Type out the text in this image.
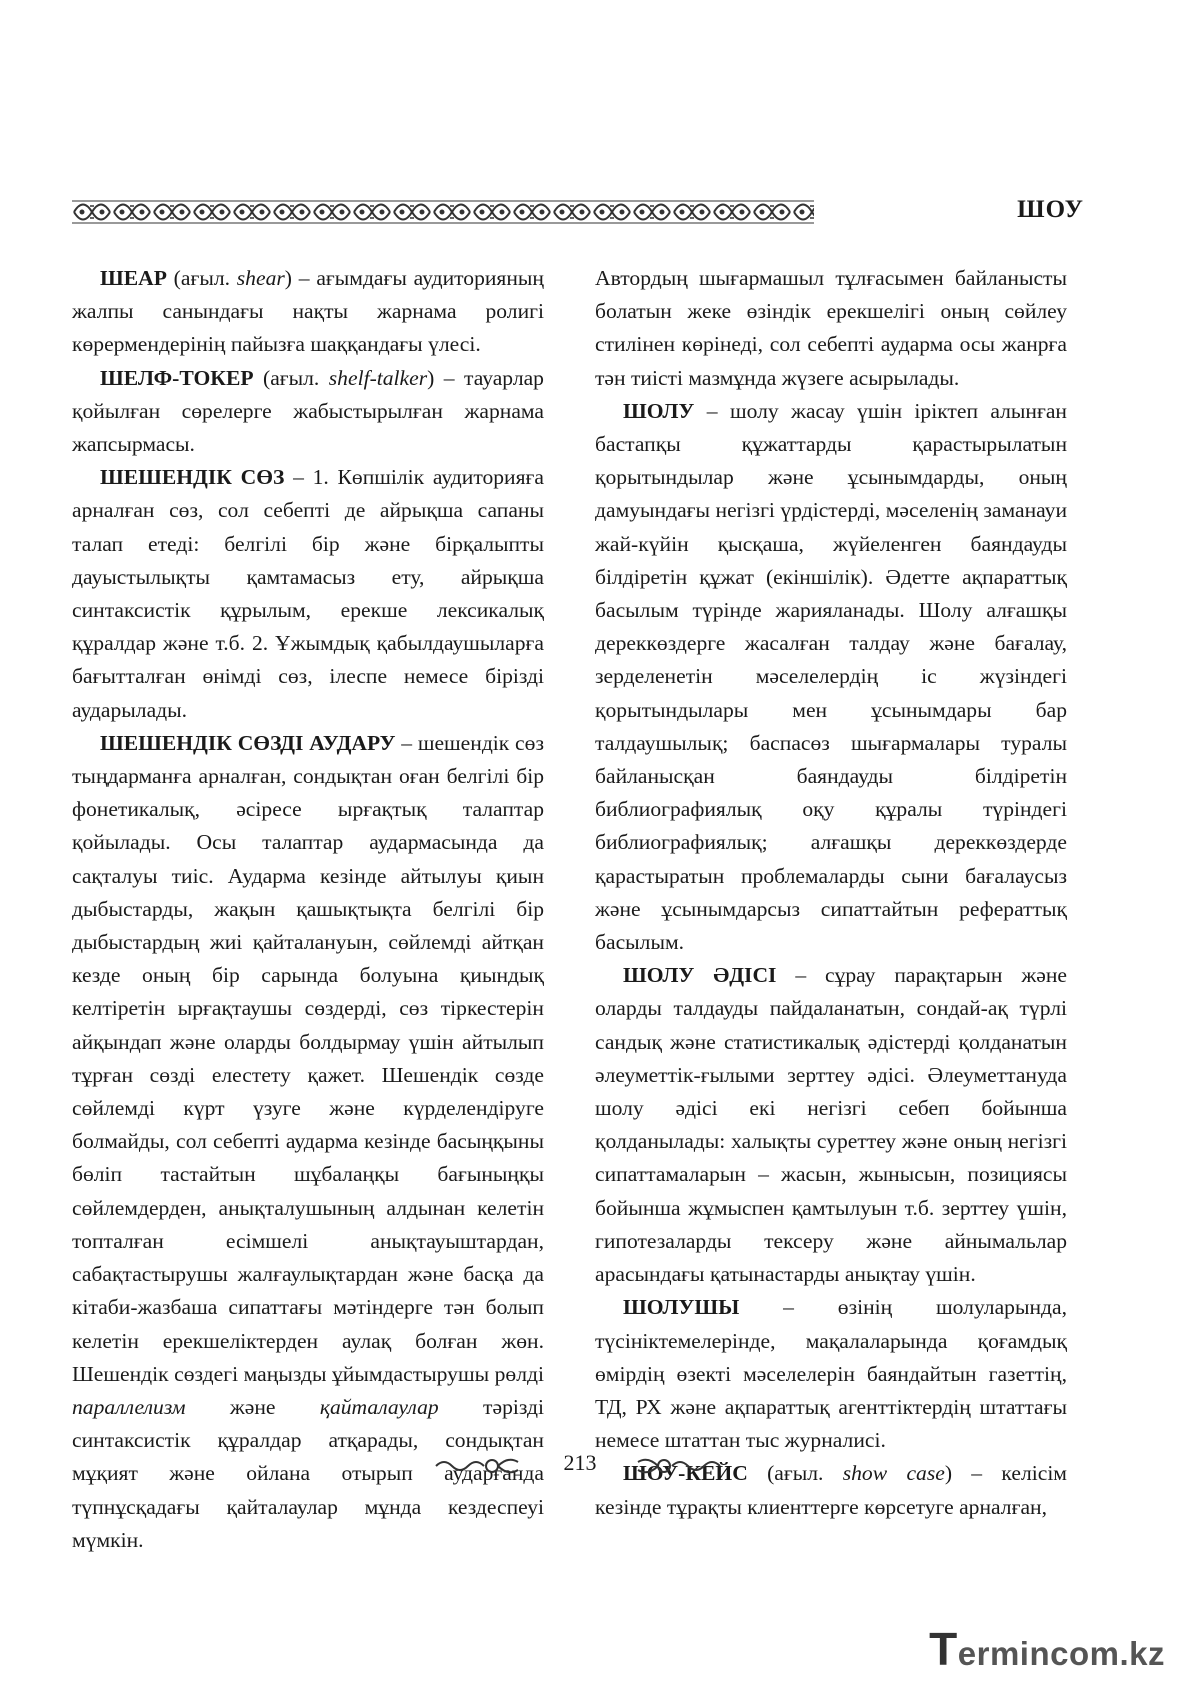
ШОУ

ШЕАР (ағыл. shear) – ағымдағы аудиторияның жалпы санындағы нақты жарнама ролигі көрермендерінің пайызға шаққандағы үлесі.

ШЕЛФ-ТОКЕР (ағыл. shelf-talker) – тауарлар қойылған сөрелерге жабыстырылған жарнама жапсырмасы.

ШЕШЕНДІК СӨЗ – 1. Көпшілік аудиторияға арналған сөз, сол себепті де айрықша сапаны талап етеді: белгілі бір және бірқалыпты дауыстылықты қамтамасыз ету, айрықша синтаксистік құрылым, ерекше лексикалық құралдар және т.б. 2. Ұжымдық қабылдаушыларға бағытталған өнімді сөз, ілеспе немесе бірізді аударылады.

ШЕШЕНДІК СӨЗДІ АУДАРУ – шешендік сөз тыңдарманға арналған, сондықтан оған белгілі бір фонетикалық, әсіресе ырғақтық талаптар қойылады. Осы талаптар аудармасында да сақталуы тиіс. Аударма кезінде айтылуы қиын дыбыстарды, жақын қашықтықта белгілі бір дыбыстардың жиі қайталануын, сөйлемді айтқан кезде оның бір сарында болуына қиындық келтіретін ырғақтаушы сөздерді, сөз тіркестерін айқындап және оларды болдырмау үшін айтылып тұрған сөзді елестету қажет. Шешендік сөзде сөйлемді күрт үзуге және күрделендіруге болмайды, сол себепті аударма кезінде басыңқыны бөліп тастайтын шұбалаңқы бағыныңқы сөйлемдерден, анықталушының алдынан келетін топталған есімшелі анықтауыштардан, сабақтастырушы жалғаулықтардан және басқа да кітаби-жазбаша сипаттағы мәтіндерге тән болып келетін ерекшеліктерден аулақ болған жөн. Шешендік сөздегі маңызды ұйымдастырушы рөлді параллелизм және қайталаулар тәрізді синтаксистік құралдар атқарады, сондықтан мұқият және ойлана отырып аударғанда түпнұсқадағы қайталаулар мұнда кездеспеуі мүмкін.

Автордың шығармашыл тұлғасымен байланысты болатын жеке өзіндік ерекшелігі оның сөйлеу стилінен көрінеді, сол себепті аударма осы жанрға тән тиісті мазмұнда жүзеге асырылады.

ШОЛУ – шолу жасау үшін іріктеп алынған бастапқы құжаттарды қарастырылатын қорытындылар және ұсынымдарды, оның дамуындағы негізгі үрдістерді, мәселенің заманауи жай-күйін қысқаша, жүйеленген баяндауды білдіретін құжат (екіншілік). Әдетте ақпараттық басылым түрінде жарияланады. Шолу алғашқы дереккөздерге жасалған талдау және бағалау, зерделенетін мәселелердің іс жүзіндегі қорытындылары мен ұсынымдары бар талдаушылық; баспасөз шығармалары туралы байланысқан баяндауды білдіретін библиографиялық оқу құралы түріндегі библиографиялық; алғашқы дереккөздерде қарастыратын проблемаларды сыни бағалаусыз және ұсынымдарсыз сипаттайтын рефераттық басылым.

ШОЛУ ӘДІСІ – сұрау парақтарын және оларды талдауды пайдаланатын, сондай-ақ түрлі сандық және статистикалық әдістерді қолданатын әлеуметтік-ғылыми зерттеу әдісі. Әлеуметтануда шолу әдісі екі негізгі себеп бойынша қолданылады: халықты суреттеу және оның негізгі сипаттамаларын – жасын, жынысын, позициясы бойынша жұмыспен қамтылуын т.б. зерттеу үшін, гипотезаларды тексеру және айнымальлар арасындағы қатынастарды анықтау үшін.

ШОЛУШЫ – өзінің шолуларында, түсініктемелерінде, мақалаларында қоғамдық өмірдің өзекті мәселелерін баяндайтын газеттің, ТД, РХ және ақпараттық агенттіктердің штаттағы немесе штаттан тыс журналисі.

ШОУ-КЕЙС (ағыл. show case) – келісім кезінде тұрақты клиенттерге көрсетуге арналған,

213
Termincom.kz
